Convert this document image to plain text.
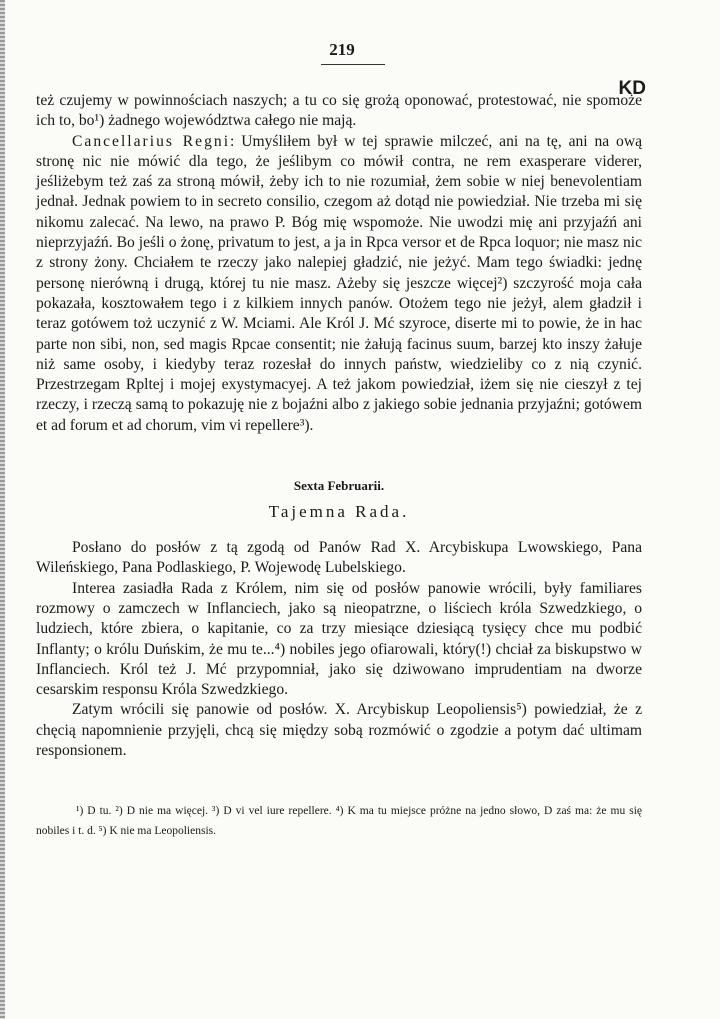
219
KD

też czujemy w powinnościach naszych; a tu co się grożą oponować, protestować, nie spomoże ich to, bo¹) żadnego województwa całego nie mają.

Cancellarius Regni: Umyśliłem był w tej sprawie milczeć, ani na tę, ani na ową stronę nic nie mówić dla tego, że jeślibym co mówił contra, ne rem exasperare viderer, jeśliżebym też zaś za stroną mówił, żeby ich to nie rozumiał, żem sobie w niej benevolentiam jednał. Jednak powiem to in secreto consilio, czegom aż dotąd nie powiedział. Nie trzeba mi się nikomu zalecać. Na lewo, na prawo P. Bóg mię wspomoże. Nie uwodzi mię ani przyjaźń ani nieprzyjaźń. Bo jeśli o żonę, privatum to jest, a ja in Rpca versor et de Rpca loquor; nie masz nic z strony żony. Chciałem te rzeczy jako nalepiej gładzić, nie jeżyć. Mam tego świadki: jednę personę nierówną i drugą, której tu nie masz. Ażeby się jeszcze więcej²) szczyrość moja cała pokazała, kosztowałem tego i z kilkiem innych panów. Otożem tego nie jeżył, alem gładził i teraz gotówem toż uczynić z W. Mciami. Ale Król J. Mć szyroce, diserte mi to powie, że in hac parte non sibi, non, sed magis Rpcae consentit; nie żałują facinus suum, barzej kto inszy żałuje niż same osoby, i kiedyby teraz rozesłał do innych państw, wiedzieliby co z nią czynić. Przestrzegam Rpltej i mojej exystymacyej. A też jakom powiedział, iżem się nie cieszył z tej rzeczy, i rzeczą samą to pokazuję nie z bojaźni albo z jakiego sobie jednania przyjaźni; gotówem et ad forum et ad chorum, vim vi repellere³).

Sexta Februarii.
Tajemna Rada.

Posłano do posłów z tą zgodą od Panów Rad X. Arcybiskupa Lwowskiego, Pana Wileńskiego, Pana Podlaskiego, P. Wojewodę Lubelskiego.

Interea zasiadła Rada z Królem, nim się od posłów panowie wrócili, były familiares rozmowy o zamczech w Inflanciech, jako są nieopatrzne, o liściech króla Szwedzkiego, o ludziech, które zbiera, o kapitanie, co za trzy miesiące dziesiącą tysięcy chce mu podbić Inflanty; o królu Duńskim, że mu te...⁴) nobiles jego ofiarowali, który(!) chciał za biskupstwo w Inflanciech. Król też J. Mć przypomniał, jako się dziwowano imprudentiam na dworze cesarskim responsu Króla Szwedzkiego.

Zatym wrócili się panowie od posłów. X. Arcybiskup Leopoliensis⁵) powiedział, że z chęcią napomnienie przyjęli, chcą się między sobą rozmówić o zgodzie a potym dać ultimam responsionem.

¹) D tu. ²) D nie ma więcej. ³) D vi vel iure repellere. ⁴) K ma tu miejsce próżne na jedno słowo, D zaś ma: że mu się nobiles i t. d. ⁵) K nie ma Leopoliensis.
